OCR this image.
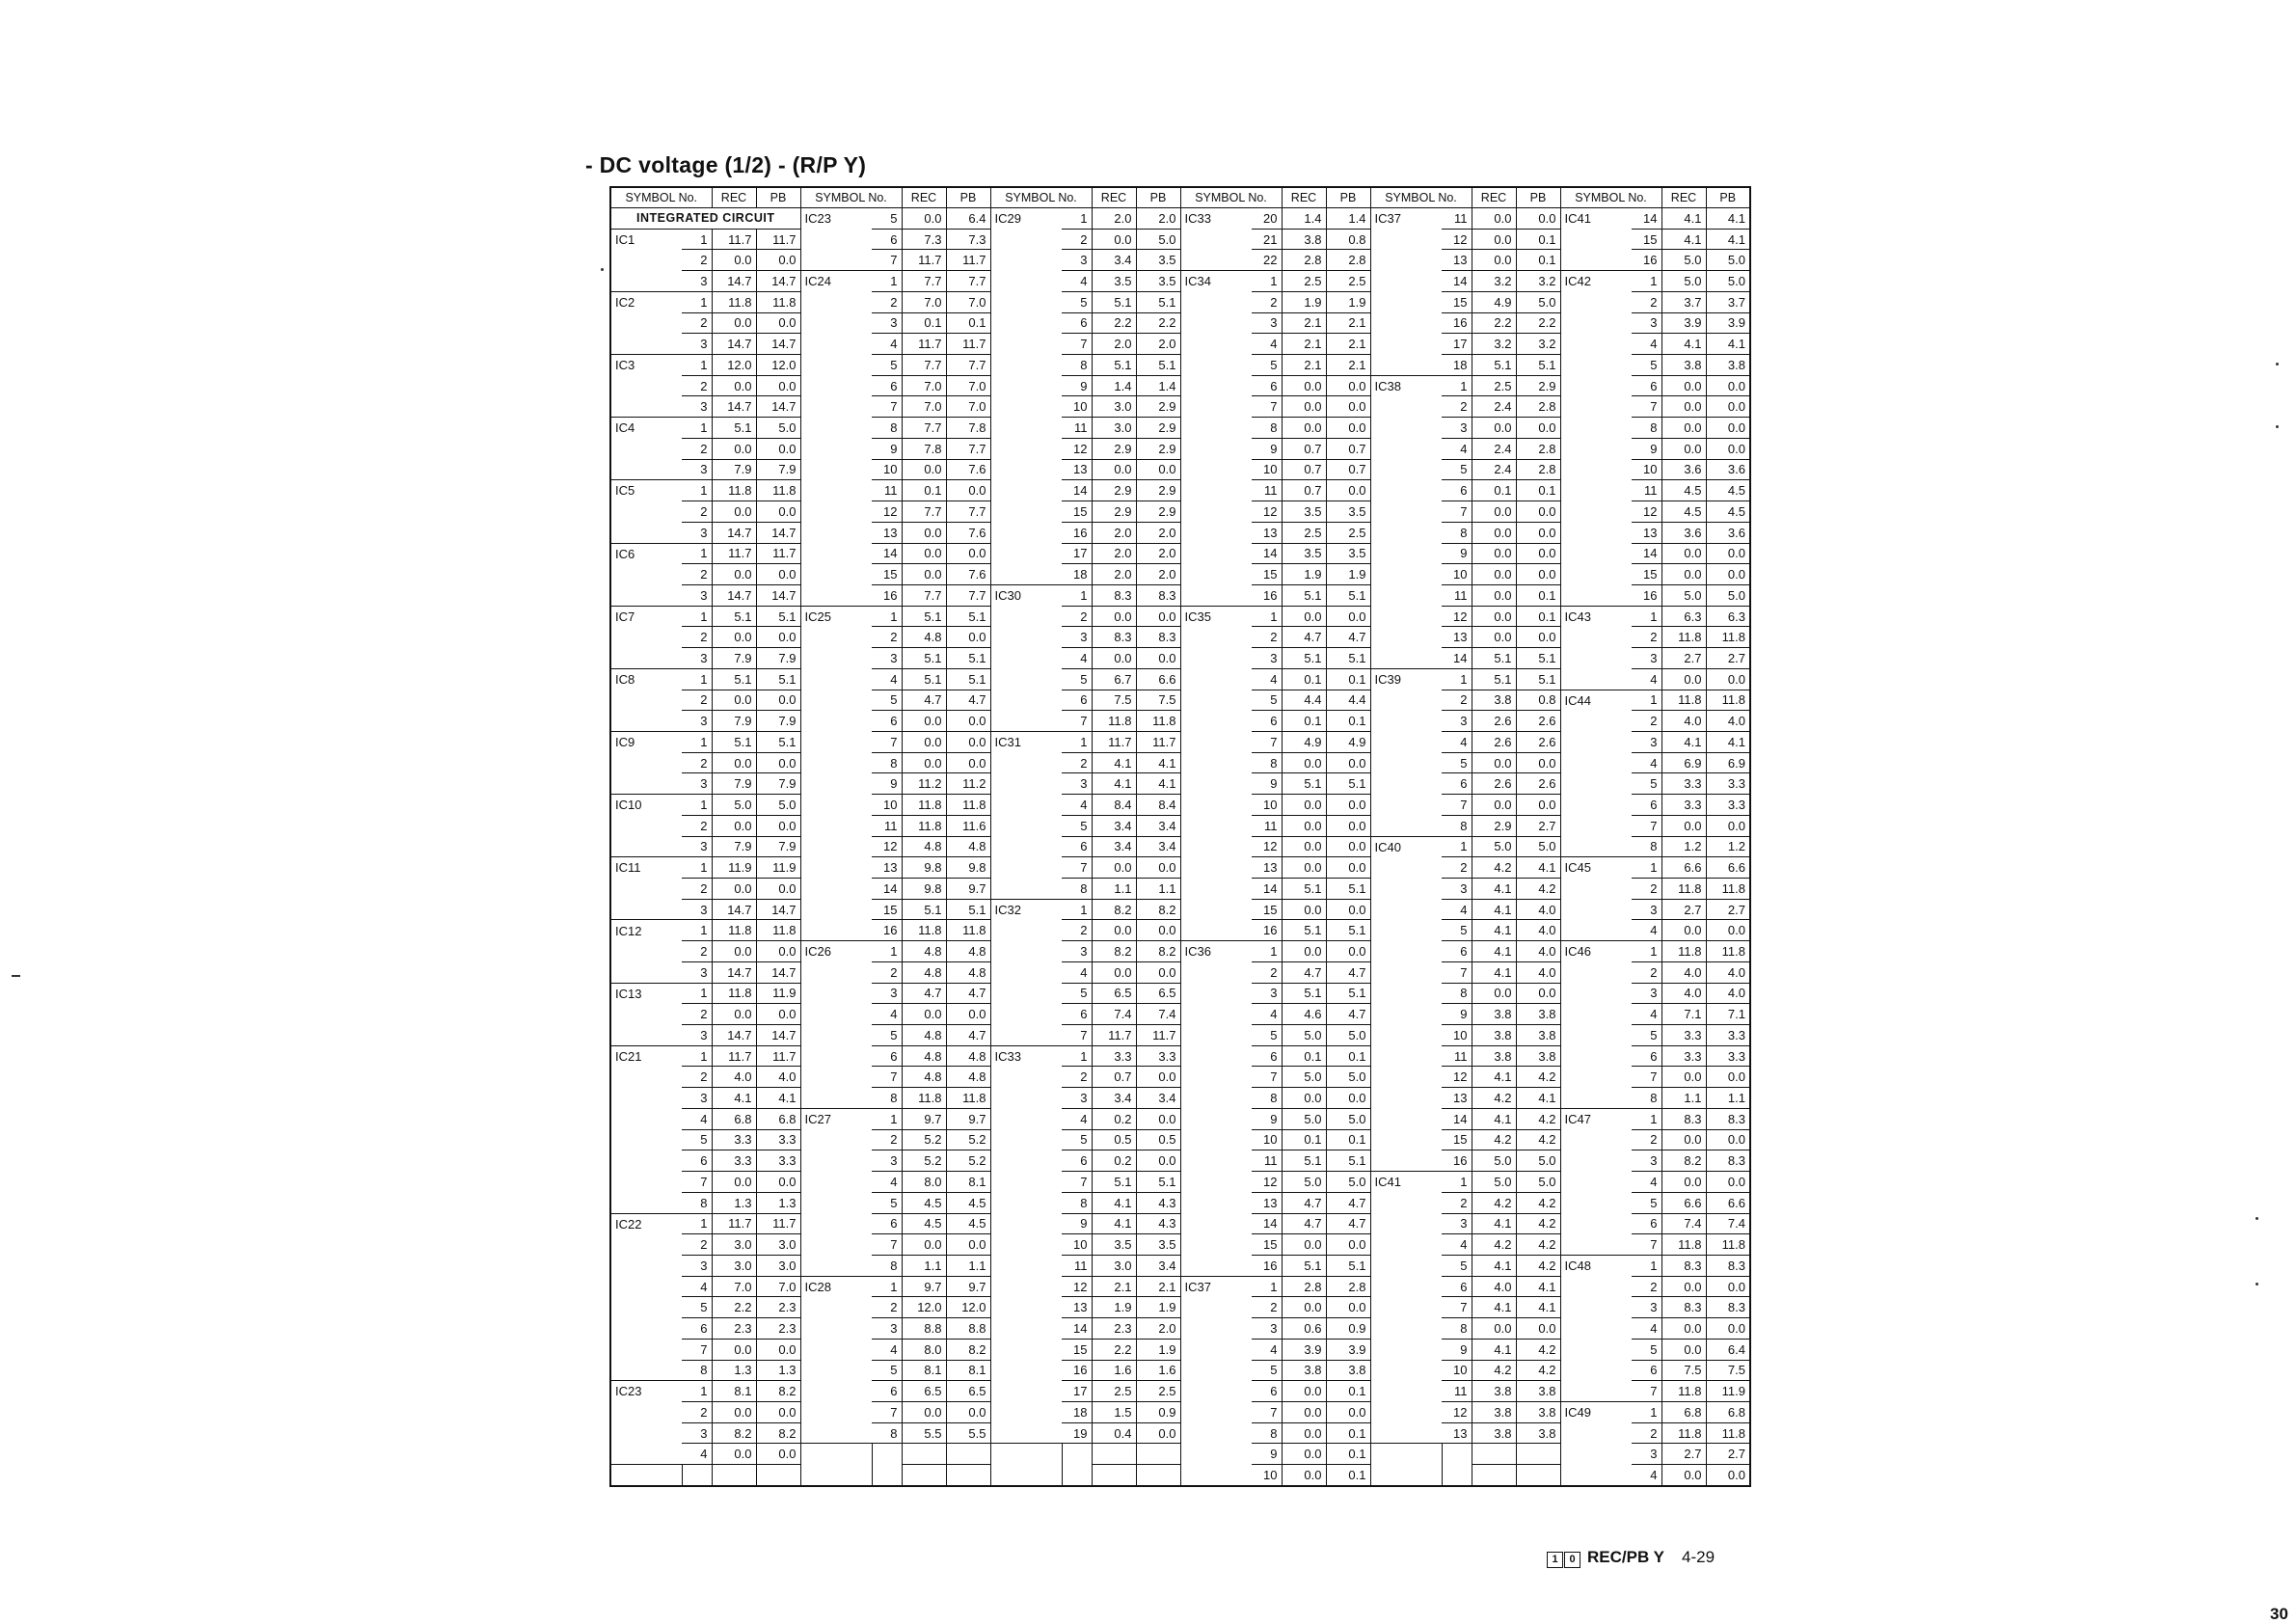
- DC voltage (1/2) - (R/P Y)
SYMBOL No.		REC	PB	SYMBOL No.		REC	PB	SYMBOL No.		REC	PB	SYMBOL No.		REC	PB	SYMBOL No.		REC	PB	SYMBOL No.		REC	PB
INTEGRATED CIRCUIT				IC23	5	0.0	6.4	IC29	1	2.0	2.0	IC33	20	1.4	1.4	IC37	11	0.0	0.0	IC41	14	4.1	4.1
IC1	1	11.7	11.7		6	7.3	7.3		2	0.0	5.0		21	3.8	0.8		12	0.0	0.1		15	4.1	4.1
	2	0.0	0.0		7	11.7	11.7		3	3.4	3.5		22	2.8	2.8		13	0.0	0.1		16	5.0	5.0
	3	14.7	14.7	IC24	1	7.7	7.7		4	3.5	3.5	IC34	1	2.5	2.5		14	3.2	3.2	IC42	1	5.0	5.0
IC2	1	11.8	11.8		2	7.0	7.0		5	5.1	5.1		2	1.9	1.9		15	4.9	5.0		2	3.7	3.7
	2	0.0	0.0		3	0.1	0.1		6	2.2	2.2		3	2.1	2.1		16	2.2	2.2		3	3.9	3.9
	3	14.7	14.7		4	11.7	11.7		7	2.0	2.0		4	2.1	2.1		17	3.2	3.2		4	4.1	4.1
IC3	1	12.0	12.0		5	7.7	7.7		8	5.1	5.1		5	2.1	2.1		18	5.1	5.1		5	3.8	3.8
	2	0.0	0.0		6	7.0	7.0		9	1.4	1.4		6	0.0	0.0	IC38	1	2.5	2.9		6	0.0	0.0
	3	14.7	14.7		7	7.0	7.0		10	3.0	2.9		7	0.0	0.0		2	2.4	2.8		7	0.0	0.0
IC4	1	5.1	5.0		8	7.7	7.8		11	3.0	2.9		8	0.0	0.0		3	0.0	0.0		8	0.0	0.0
	2	0.0	0.0		9	7.8	7.7		12	2.9	2.9		9	0.7	0.7		4	2.4	2.8		9	0.0	0.0
	3	7.9	7.9		10	0.0	7.6		13	0.0	0.0		10	0.7	0.7		5	2.4	2.8		10	3.6	3.6
IC5	1	11.8	11.8		11	0.1	0.0		14	2.9	2.9		11	0.7	0.0		6	0.1	0.1		11	4.5	4.5
	2	0.0	0.0		12	7.7	7.7		15	2.9	2.9		12	3.5	3.5		7	0.0	0.0		12	4.5	4.5
	3	14.7	14.7		13	0.0	7.6		16	2.0	2.0		13	2.5	2.5		8	0.0	0.0		13	3.6	3.6
IC6	1	11.7	11.7		14	0.0	0.0		17	2.0	2.0		14	3.5	3.5		9	0.0	0.0		14	0.0	0.0
	2	0.0	0.0		15	0.0	7.6		18	2.0	2.0		15	1.9	1.9		10	0.0	0.0		15	0.0	0.0
	3	14.7	14.7		16	7.7	7.7	IC30	1	8.3	8.3		16	5.1	5.1		11	0.0	0.1		16	5.0	5.0
IC7	1	5.1	5.1	IC25	1	5.1	5.1		2	0.0	0.0	IC35	1	0.0	0.0		12	0.0	0.1	IC43	1	6.3	6.3
	2	0.0	0.0		2	4.8	0.0		3	8.3	8.3		2	4.7	4.7		13	0.0	0.0		2	11.8	11.8
	3	7.9	7.9		3	5.1	5.1		4	0.0	0.0		3	5.1	5.1		14	5.1	5.1		3	2.7	2.7
IC8	1	5.1	5.1		4	5.1	5.1		5	6.7	6.6		4	0.1	0.1	IC39	1	5.1	5.1		4	0.0	0.0
	2	0.0	0.0		5	4.7	4.7		6	7.5	7.5		5	4.4	4.4		2	3.8	0.8	IC44	1	11.8	11.8
	3	7.9	7.9		6	0.0	0.0		7	11.8	11.8		6	0.1	0.1		3	2.6	2.6		2	4.0	4.0
IC9	1	5.1	5.1		7	0.0	0.0	IC31	1	11.7	11.7		7	4.9	4.9		4	2.6	2.6		3	4.1	4.1
	2	0.0	0.0		8	0.0	0.0		2	4.1	4.1		8	0.0	0.0		5	0.0	0.0		4	6.9	6.9
	3	7.9	7.9		9	11.2	11.2		3	4.1	4.1		9	5.1	5.1		6	2.6	2.6		5	3.3	3.3
IC10	1	5.0	5.0		10	11.8	11.8		4	8.4	8.4		10	0.0	0.0		7	0.0	0.0		6	3.3	3.3
	2	0.0	0.0		11	11.8	11.6		5	3.4	3.4		11	0.0	0.0		8	2.9	2.7		7	0.0	0.0
	3	7.9	7.9		12	4.8	4.8		6	3.4	3.4		12	0.0	0.0	IC40	1	5.0	5.0		8	1.2	1.2
IC11	1	11.9	11.9		13	9.8	9.8		7	0.0	0.0		13	0.0	0.0		2	4.2	4.1	IC45	1	6.6	6.6
	2	0.0	0.0		14	9.8	9.7		8	1.1	1.1		14	5.1	5.1		3	4.1	4.2		2	11.8	11.8
	3	14.7	14.7		15	5.1	5.1	IC32	1	8.2	8.2		15	0.0	0.0		4	4.1	4.0		3	2.7	2.7
IC12	1	11.8	11.8		16	11.8	11.8		2	0.0	0.0		16	5.1	5.1		5	4.1	4.0		4	0.0	0.0
	2	0.0	0.0	IC26	1	4.8	4.8		3	8.2	8.2	IC36	1	0.0	0.0		6	4.1	4.0	IC46	1	11.8	11.8
	3	14.7	14.7		2	4.8	4.8		4	0.0	0.0		2	4.7	4.7		7	4.1	4.0		2	4.0	4.0
IC13	1	11.8	11.9		3	4.7	4.7		5	6.5	6.5		3	5.1	5.1		8	0.0	0.0		3	4.0	4.0
	2	0.0	0.0		4	0.0	0.0		6	7.4	7.4		4	4.6	4.7		9	3.8	3.8		4	7.1	7.1
	3	14.7	14.7		5	4.8	4.7		7	11.7	11.7		5	5.0	5.0		10	3.8	3.8		5	3.3	3.3
IC21	1	11.7	11.7		6	4.8	4.8	IC33	1	3.3	3.3		6	0.1	0.1		11	3.8	3.8		6	3.3	3.3
	2	4.0	4.0		7	4.8	4.8		2	0.7	0.0		7	5.0	5.0		12	4.1	4.2		7	0.0	0.0
	3	4.1	4.1		8	11.8	11.8		3	3.4	3.4		8	0.0	0.0		13	4.2	4.1		8	1.1	1.1
	4	6.8	6.8	IC27	1	9.7	9.7		4	0.2	0.0		9	5.0	5.0		14	4.1	4.2	IC47	1	8.3	8.3
	5	3.3	3.3		2	5.2	5.2		5	0.5	0.5		10	0.1	0.1		15	4.2	4.2		2	0.0	0.0
	6	3.3	3.3		3	5.2	5.2		6	0.2	0.0		11	5.1	5.1		16	5.0	5.0		3	8.2	8.3
	7	0.0	0.0		4	8.0	8.1		7	5.1	5.1		12	5.0	5.0	IC41	1	5.0	5.0		4	0.0	0.0
	8	1.3	1.3		5	4.5	4.5		8	4.1	4.3		13	4.7	4.7		2	4.2	4.2		5	6.6	6.6
IC22	1	11.7	11.7		6	4.5	4.5		9	4.1	4.3		14	4.7	4.7		3	4.1	4.2		6	7.4	7.4
	2	3.0	3.0		7	0.0	0.0		10	3.5	3.5		15	0.0	0.0		4	4.2	4.2		7	11.8	11.8
	3	3.0	3.0		8	1.1	1.1		11	3.0	3.4		16	5.1	5.1		5	4.1	4.2	IC48	1	8.3	8.3
	4	7.0	7.0	IC28	1	9.7	9.7		12	2.1	2.1	IC37	1	2.8	2.8		6	4.0	4.1		2	0.0	0.0
	5	2.2	2.3		2	12.0	12.0		13	1.9	1.9		2	0.0	0.0		7	4.1	4.1		3	8.3	8.3
	6	2.3	2.3		3	8.8	8.8		14	2.3	2.0		3	0.6	0.9		8	0.0	0.0		4	0.0	0.0
	7	0.0	0.0		4	8.0	8.2		15	2.2	1.9		4	3.9	3.9		9	4.1	4.2		5	0.0	6.4
	8	1.3	1.3		5	8.1	8.1		16	1.6	1.6		5	3.8	3.8		10	4.2	4.2		6	7.5	7.5
IC23	1	8.1	8.2		6	6.5	6.5		17	2.5	2.5		6	0.0	0.1		11	3.8	3.8		7	11.8	11.9
	2	0.0	0.0		7	0.0	0.0		18	1.5	0.9		7	0.0	0.0		12	3.8	3.8	IC49	1	6.8	6.8
	3	8.2	8.2		8	5.5	5.5		19	0.4	0.0		8	0.0	0.1		13	3.8	3.8		2	11.8	11.8
	4	0.0	0.0										9	0.0	0.1						3	2.7	2.7
													10	0.0	0.1						4	0.0	0.0
1 0 REC/PB Y 4-29
30
